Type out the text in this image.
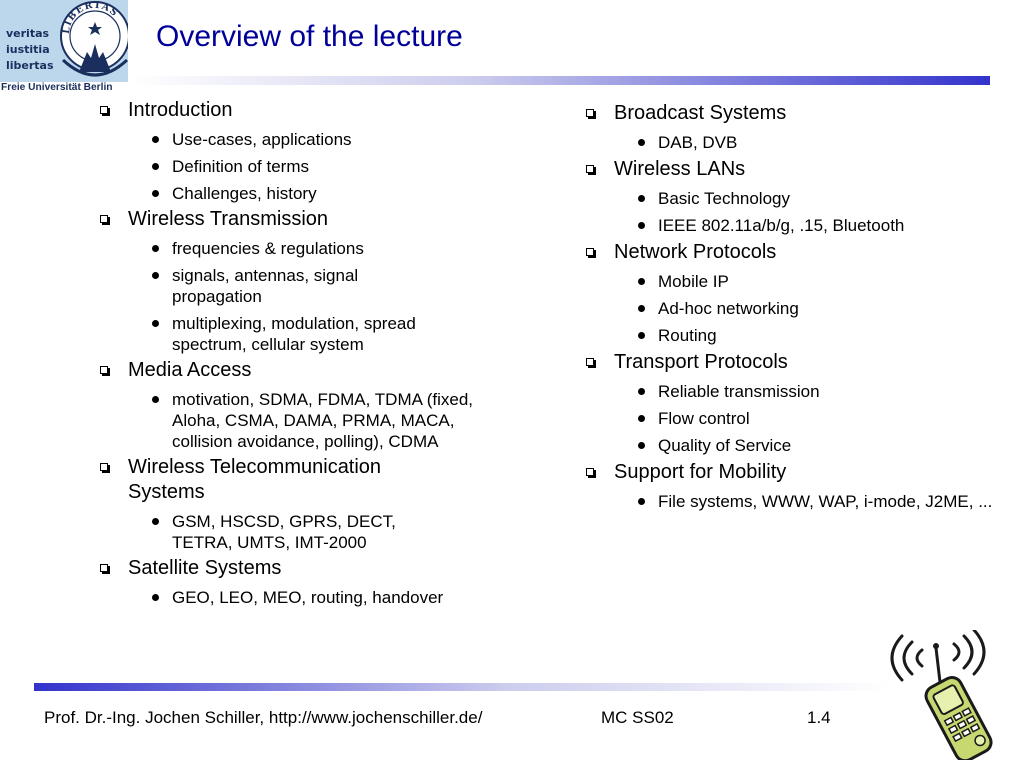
veritas
iustitia
libertas
LIBERTAS
Freie Universität Berlin
Overview of the lecture
Introduction
Use-cases, applications
Definition of terms
Challenges, history
Wireless Transmission
frequencies & regulations
signals, antennas, signal propagation
multiplexing, modulation, spread spectrum, cellular system
Media Access
motivation, SDMA, FDMA, TDMA (fixed, Aloha, CSMA, DAMA, PRMA, MACA, collision avoidance, polling), CDMA
Wireless Telecommunication Systems
GSM, HSCSD, GPRS, DECT, TETRA, UMTS, IMT-2000
Satellite Systems
GEO, LEO, MEO, routing, handover
Broadcast Systems
DAB, DVB
Wireless LANs
Basic Technology
IEEE 802.11a/b/g, .15, Bluetooth
Network Protocols
Mobile IP
Ad-hoc networking
Routing
Transport Protocols
Reliable transmission
Flow control
Quality of Service
Support for Mobility
File systems, WWW, WAP, i-mode, J2ME, ...
Prof. Dr.-Ing. Jochen Schiller, http://www.jochenschiller.de/	MC SS02	1.4
